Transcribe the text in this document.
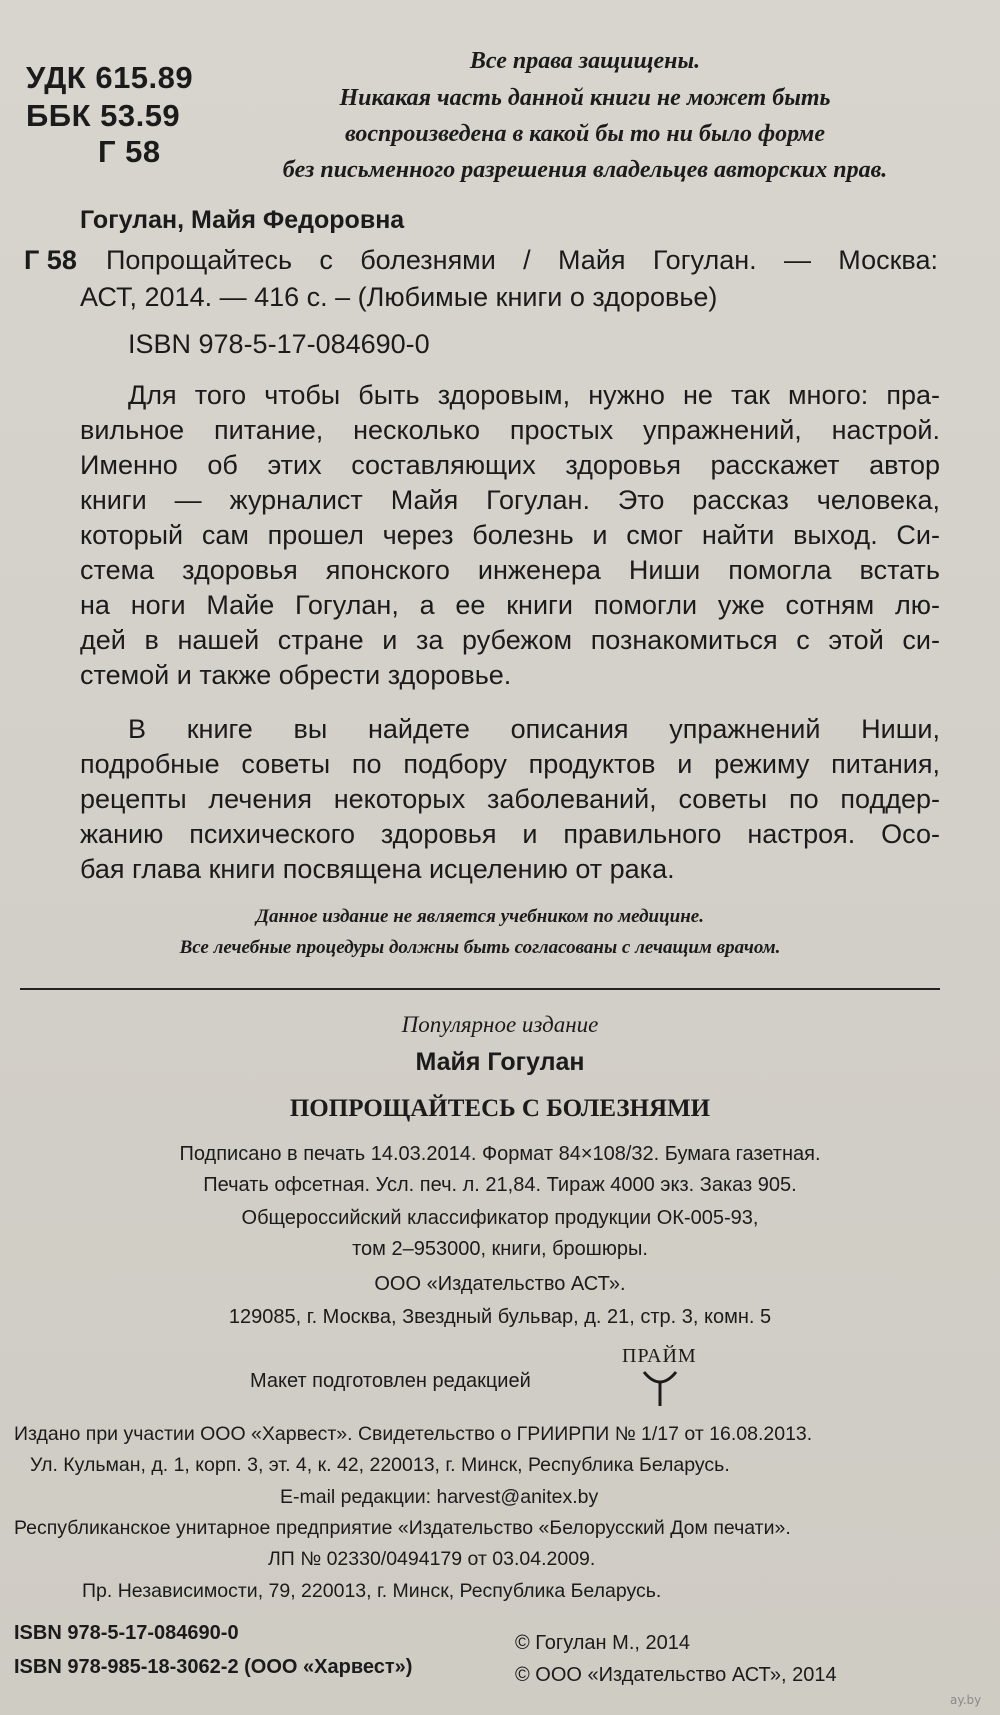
УДК 615.89
ББК 53.59
Г 58
Все права защищены.
Никакая часть данной книги не может быть
воспроизведена в какой бы то ни было форме
без письменного разрешения владельцев авторских прав.
Гогулан, Майя Федоровна
Г 58 Попрощайтесь с болезнями / Майя Гогулан. — Москва:
АСТ, 2014. — 416 с. – (Любимые книги о здоровье)
ISBN 978-5-17-084690-0
Для того чтобы быть здоровым, нужно не так много: пра-
вильное питание, несколько простых упражнений, настрой.
Именно об этих составляющих здоровья расскажет автор
книги — журналист Майя Гогулан. Это рассказ человека,
который сам прошел через болезнь и смог найти выход. Си-
стема здоровья японского инженера Ниши помогла встать
на ноги Майе Гогулан, а ее книги помогли уже сотням лю-
дей в нашей стране и за рубежом познакомиться с этой си-
стемой и также обрести здоровье.
В книге вы найдете описания упражнений Ниши,
подробные советы по подбору продуктов и режиму питания,
рецепты лечения некоторых заболеваний, советы по поддер-
жанию психического здоровья и правильного настроя. Осо-
бая глава книги посвящена исцелению от рака.
Данное издание не является учебником по медицине.
Все лечебные процедуры должны быть согласованы с лечащим врачом.
Популярное издание
Майя Гогулан
ПОПРОЩАЙТЕСЬ С БОЛЕЗНЯМИ
Подписано в печать 14.03.2014. Формат 84×108/32. Бумага газетная.
Печать офсетная. Усл. печ. л. 21,84. Тираж 4000 экз. Заказ 905.
Общероссийский классификатор продукции ОК-005-93,
том 2–953000, книги, брошюры.
ООО «Издательство АСТ».
129085, г. Москва, Звездный бульвар, д. 21, стр. 3, комн. 5
Макет подготовлен редакцией
ПРАЙМ
Издано при участии ООО «Харвест». Свидетельство о ГРИИРПИ № 1/17 от 16.08.2013.
Ул. Кульман, д. 1, корп. 3, эт. 4, к. 42, 220013, г. Минск, Республика Беларусь.
E-mail редакции: harvest@anitex.by
Республиканское унитарное предприятие «Издательство «Белорусский Дом печати».
ЛП № 02330/0494179 от 03.04.2009.
Пр. Независимости, 79, 220013, г. Минск, Республика Беларусь.
ISBN 978-5-17-084690-0
ISBN 978-985-18-3062-2 (ООО «Харвест»)
© Гогулан М., 2014
© ООО «Издательство АСТ», 2014
ay.by
